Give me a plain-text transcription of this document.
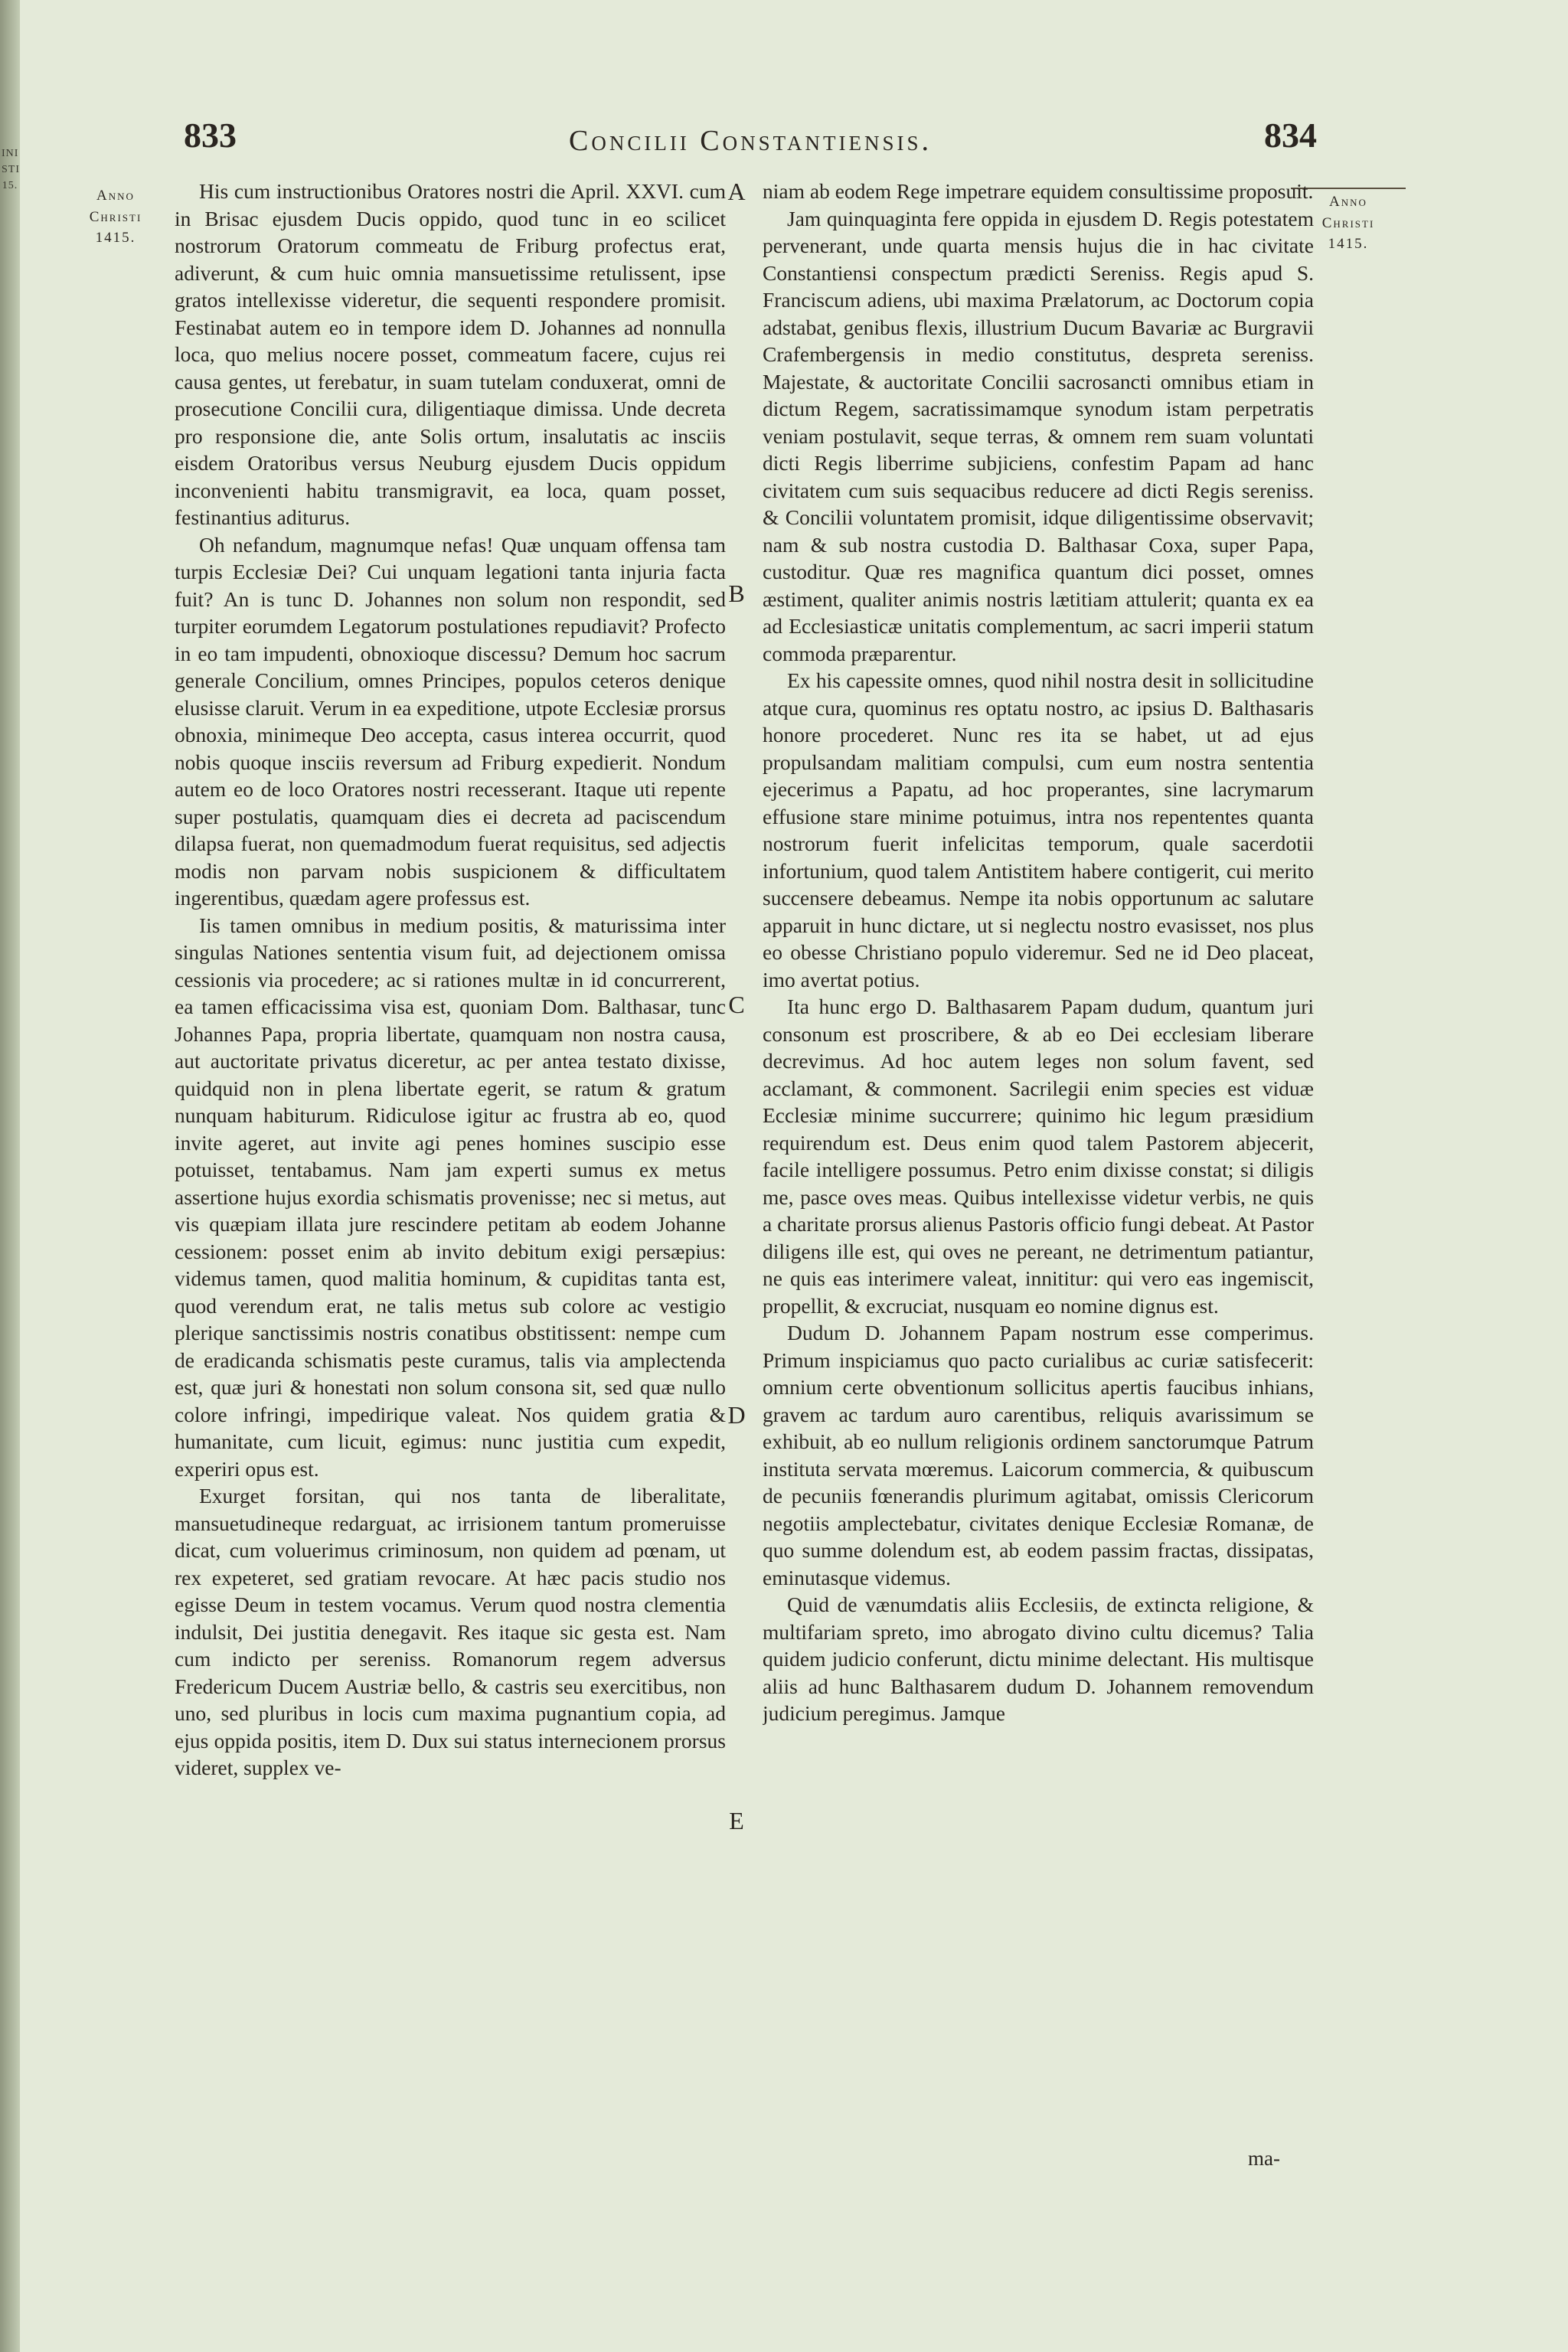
INI STI 15.
833	Concilii Constantiensis.	834
Anno
Christi
1415.
Anno
Christi
1415.

His cum instructionibus Oratores nostri die April. XXVI. cum in Brisac ejusdem Ducis oppido, quod tunc in eo scilicet nostrorum Oratorum commeatu de Friburg profectus erat, adiverunt, & cum huic omnia mansuetissime retulissent, ipse gratos intellexisse videretur, die sequenti respondere promisit. Festinabat autem eo in tempore idem D. Johannes ad nonnulla loca, quo melius nocere posset, commeatum facere, cujus rei causa gentes, ut ferebatur, in suam tutelam conduxerat, omni de prosecutione Concilii cura, diligentiaque dimissa. Unde decreta pro responsione die, ante Solis ortum, insalutatis ac insciis eisdem Oratoribus versus Neuburg ejusdem Ducis oppidum inconvenienti habitu transmigravit, ea loca, quam posset, festinantius aditurus.

Oh nefandum, magnumque nefas! Quæ unquam offensa tam turpis Ecclesiæ Dei? Cui unquam legationi tanta injuria facta fuit? An is tunc D. Johannes non solum non respondit, sed turpiter eorumdem Legatorum postulationes repudiavit? Profecto in eo tam impudenti, obnoxioque discessu? Demum hoc sacrum generale Concilium, omnes Principes, populos ceteros denique elusisse claruit. Verum in ea expeditione, utpote Ecclesiæ prorsus obnoxia, minimeque Deo accepta, casus interea occurrit, quod nobis quoque insciis reversum ad Friburg expedierit. Nondum autem eo de loco Oratores nostri recesserant. Itaque uti repente super postulatis, quamquam dies ei decreta ad paciscendum dilapsa fuerat, non quemadmodum fuerat requisitus, sed adjectis modis non parvam nobis suspicionem & difficultatem ingerentibus, quædam agere professus est.

Iis tamen omnibus in medium positis, & maturissima inter singulas Nationes sententia visum fuit, ad dejectionem omissa cessionis via procedere; ac si rationes multæ in id concurrerent, ea tamen efficacissima visa est, quoniam Dom. Balthasar, tunc Johannes Papa, propria libertate, quamquam non nostra causa, aut auctoritate privatus diceretur, ac per antea testato dixisse, quidquid non in plena libertate egerit, se ratum & gratum nunquam habiturum. Ridiculose igitur ac frustra ab eo, quod invite ageret, aut invite agi penes homines suscipio esse potuisset, tentabamus. Nam jam experti sumus ex metus assertione hujus exordia schismatis provenisse; nec si metus, aut vis quæpiam illata jure rescindere petitam ab eodem Johanne cessionem: posset enim ab invito debitum exigi persæpius: videmus tamen, quod malitia hominum, & cupiditas tanta est, quod verendum erat, ne talis metus sub colore ac vestigio plerique sanctissimis nostris conatibus obstitissent: nempe cum de eradicanda schismatis peste curamus, talis via amplectenda est, quæ juri & honestati non solum consona sit, sed quæ nullo colore infringi, impedirique valeat. Nos quidem gratia & humanitate, cum licuit, egimus: nunc justitia cum expedit, experiri opus est.

Exurget forsitan, qui nos tanta de liberalitate, mansuetudineque redarguat, ac irrisionem tantum promeruisse dicat, cum voluerimus criminosum, non quidem ad pœnam, ut rex expeteret, sed gratiam revocare. At hæc pacis studio nos egisse Deum in testem vocamus. Verum quod nostra clementia indulsit, Dei justitia denegavit. Res itaque sic gesta est. Nam cum indicto per sereniss. Romanorum regem adversus Fredericum Ducem Austriæ bello, & castris seu exercitibus, non uno, sed pluribus in locis cum maxima pugnantium copia, ad ejus oppida positis, item D. Dux sui status internecionem prorsus videret, supplex ve-

A
B
C
D
E

niam ab eodem Rege impetrare equidem consultissime proposuit.

Jam quinquaginta fere oppida in ejusdem D. Regis potestatem pervenerant, unde quarta mensis hujus die in hac civitate Constantiensi conspectum prædicti Sereniss. Regis apud S. Franciscum adiens, ubi maxima Prælatorum, ac Doctorum copia adstabat, genibus flexis, illustrium Ducum Bavariæ ac Burgravii Crafembergensis in medio constitutus, despreta sereniss. Majestate, & auctoritate Concilii sacrosancti omnibus etiam in dictum Regem, sacratissimamque synodum istam perpetratis veniam postulavit, seque terras, & omnem rem suam voluntati dicti Regis liberrime subjiciens, confestim Papam ad hanc civitatem cum suis sequacibus reducere ad dicti Regis sereniss. & Concilii voluntatem promisit, idque diligentissime observavit; nam & sub nostra custodia D. Balthasar Coxa, super Papa, custoditur. Quæ res magnifica quantum dici posset, omnes æstiment, qualiter animis nostris lætitiam attulerit; quanta ex ea ad Ecclesiasticæ unitatis complementum, ac sacri imperii statum commoda præparentur.

Ex his capessite omnes, quod nihil nostra desit in sollicitudine atque cura, quominus res optatu nostro, ac ipsius D. Balthasaris honore procederet. Nunc res ita se habet, ut ad ejus propulsandam malitiam compulsi, cum eum nostra sententia ejecerimus a Papatu, ad hoc properantes, sine lacrymarum effusione stare minime potuimus, intra nos repententes quanta nostrorum fuerit infelicitas temporum, quale sacerdotii infortunium, quod talem Antistitem habere contigerit, cui merito succensere debeamus. Nempe ita nobis opportunum ac salutare apparuit in hunc dictare, ut si neglectu nostro evasisset, nos plus eo obesse Christiano populo videremur. Sed ne id Deo placeat, imo avertat potius.

Ita hunc ergo D. Balthasarem Papam dudum, quantum juri consonum est proscribere, & ab eo Dei ecclesiam liberare decrevimus. Ad hoc autem leges non solum favent, sed acclamant, & commonent. Sacrilegii enim species est viduæ Ecclesiæ minime succurrere; quinimo hic legum præsidium requirendum est. Deus enim quod talem Pastorem abjecerit, facile intelligere possumus. Petro enim dixisse constat; si diligis me, pasce oves meas. Quibus intellexisse videtur verbis, ne quis a charitate prorsus alienus Pastoris officio fungi debeat. At Pastor diligens ille est, qui oves ne pereant, ne detrimentum patiantur, ne quis eas interimere valeat, innititur: qui vero eas ingemiscit, propellit, & excruciat, nusquam eo nomine dignus est.

Dudum D. Johannem Papam nostrum esse comperimus. Primum inspiciamus quo pacto curialibus ac curiæ satisfecerit: omnium certe obventionum sollicitus apertis faucibus inhians, gravem ac tardum auro carentibus, reliquis avarissimum se exhibuit, ab eo nullum religionis ordinem sanctorumque Patrum instituta servata mœremus. Laicorum commercia, & quibuscum de pecuniis fœnerandis plurimum agitabat, omissis Clericorum negotiis amplectebatur, civitates denique Ecclesiæ Romanæ, de quo summe dolendum est, ab eodem passim fractas, dissipatas, eminutasque videmus.

Quid de vænumdatis aliis Ecclesiis, de extincta religione, & multifariam spreto, imo abrogato divino cultu dicemus? Talia quidem judicio conferunt, dictu minime delectant. His multisque aliis ad hunc Balthasarem dudum D. Johannem removendum judicium peregimus. Jamque

ma-
